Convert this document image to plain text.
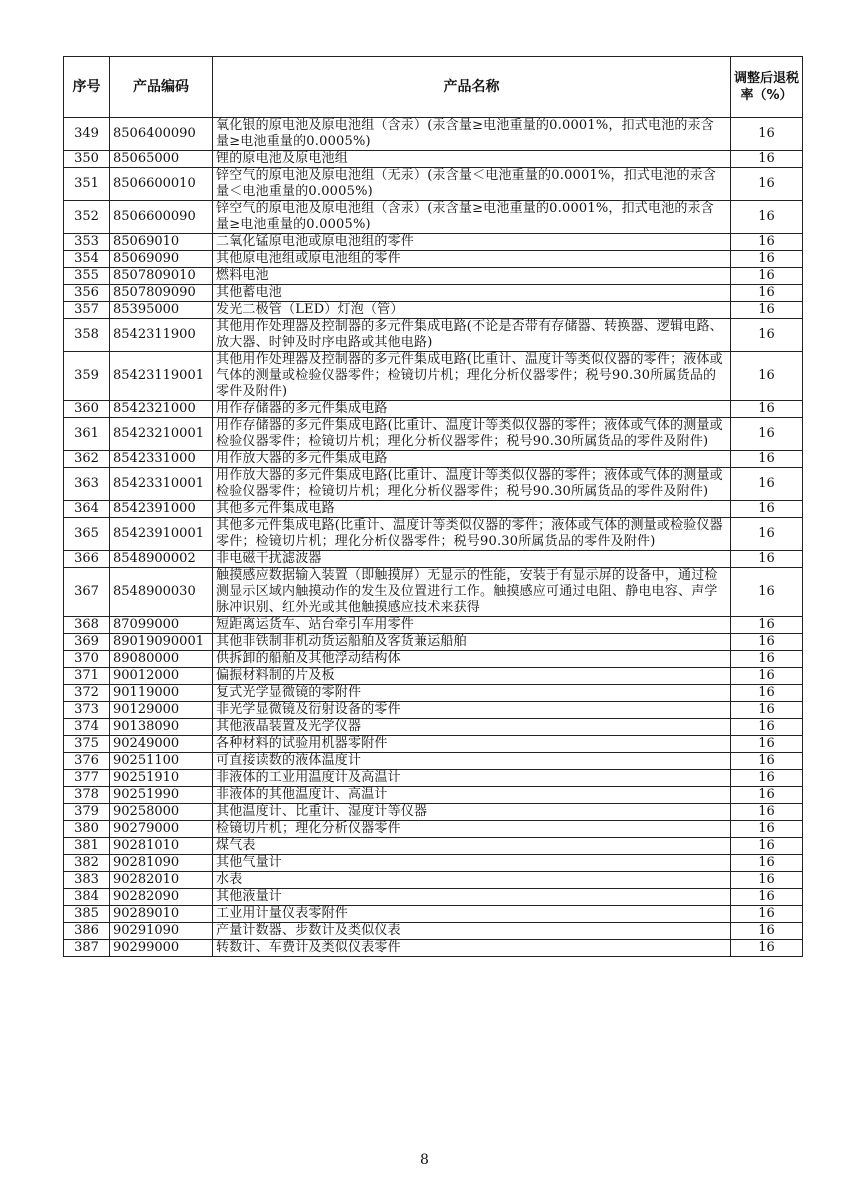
序号	产品编码	产品名称	调整后退税率（%）
349	8506400090	氧化银的原电池及原电池组（含汞）(汞含量≥电池重量的0.0001%，扣式电池的汞含量≥电池重量的0.0005%)	16
350	85065000	锂的原电池及原电池组	16
351	8506600010	锌空气的原电池及原电池组（无汞）(汞含量＜电池重量的0.0001%，扣式电池的汞含量＜电池重量的0.0005%)	16
352	8506600090	锌空气的原电池及原电池组（含汞）(汞含量≥电池重量的0.0001%，扣式电池的汞含量≥电池重量的0.0005%)	16
353	85069010	二氧化锰原电池或原电池组的零件	16
354	85069090	其他原电池组或原电池组的零件	16
355	8507809010	燃料电池	16
356	8507809090	其他蓄电池	16
357	85395000	发光二极管（LED）灯泡（管）	16
358	8542311900	其他用作处理器及控制器的多元件集成电路(不论是否带有存储器、转换器、逻辑电路、放大器、时钟及时序电路或其他电路)	16
359	85423119001	其他用作处理器及控制器的多元件集成电路(比重计、温度计等类似仪器的零件；液体或气体的测量或检验仪器零件；检镜切片机；理化分析仪器零件；税号90.30所属货品的零件及附件)	16
360	8542321000	用作存储器的多元件集成电路	16
361	85423210001	用作存储器的多元件集成电路(比重计、温度计等类似仪器的零件；液体或气体的测量或检验仪器零件；检镜切片机；理化分析仪器零件；税号90.30所属货品的零件及附件)	16
362	8542331000	用作放大器的多元件集成电路	16
363	85423310001	用作放大器的多元件集成电路(比重计、温度计等类似仪器的零件；液体或气体的测量或检验仪器零件；检镜切片机；理化分析仪器零件；税号90.30所属货品的零件及附件)	16
364	8542391000	其他多元件集成电路	16
365	85423910001	其他多元件集成电路(比重计、温度计等类似仪器的零件；液体或气体的测量或检验仪器零件；检镜切片机；理化分析仪器零件；税号90.30所属货品的零件及附件)	16
366	8548900002	非电磁干扰滤波器	16
367	8548900030	触摸感应数据输入装置（即触摸屏）无显示的性能，安装于有显示屏的设备中，通过检测显示区域内触摸动作的发生及位置进行工作。触摸感应可通过电阻、静电电容、声学脉冲识别、红外光或其他触摸感应技术来获得	16
368	87099000	短距离运货车、站台牵引车用零件	16
369	89019090001	其他非铁制非机动货运船舶及客货兼运船舶	16
370	89080000	供拆卸的船舶及其他浮动结构体	16
371	90012000	偏振材料制的片及板	16
372	90119000	复式光学显微镜的零附件	16
373	90129000	非光学显微镜及衍射设备的零件	16
374	90138090	其他液晶装置及光学仪器	16
375	90249000	各种材料的试验用机器零附件	16
376	90251100	可直接读数的液体温度计	16
377	90251910	非液体的工业用温度计及高温计	16
378	90251990	非液体的其他温度计、高温计	16
379	90258000	其他温度计、比重计、湿度计等仪器	16
380	90279000	检镜切片机；理化分析仪器零件	16
381	90281010	煤气表	16
382	90281090	其他气量计	16
383	90282010	水表	16
384	90282090	其他液量计	16
385	90289010	工业用计量仪表零附件	16
386	90291090	产量计数器、步数计及类似仪表	16
387	90299000	转数计、车费计及类似仪表零件	16
8
